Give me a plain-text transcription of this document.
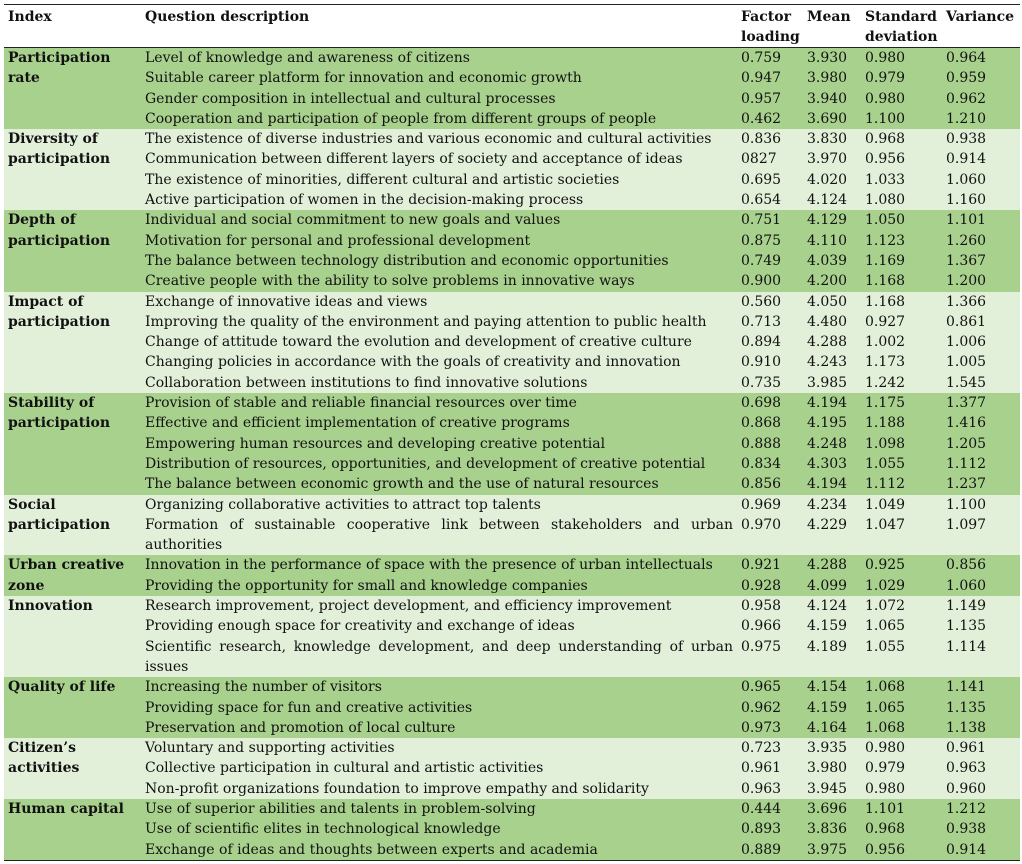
Index	Question description	Factor loading	Mean	Standard deviation	Variance
Participation rate	Level of knowledge and awareness of citizens	0.759	3.930	0.980	0.964
	Suitable career platform for innovation and economic growth	0.947	3.980	0.979	0.959
	Gender composition in intellectual and cultural processes	0.957	3.940	0.980	0.962
	Cooperation and participation of people from different groups of people	0.462	3.690	1.100	1.210
Diversity of participation	The existence of diverse industries and various economic and cultural activities	0.836	3.830	0.968	0.938
	Communication between different layers of society and acceptance of ideas	0827	3.970	0.956	0.914
	The existence of minorities, different cultural and artistic societies	0.695	4.020	1.033	1.060
	Active participation of women in the decision-making process	0.654	4.124	1.080	1.160
Depth of participation	Individual and social commitment to new goals and values	0.751	4.129	1.050	1.101
	Motivation for personal and professional development	0.875	4.110	1.123	1.260
	The balance between technology distribution and economic opportunities	0.749	4.039	1.169	1.367
	Creative people with the ability to solve problems in innovative ways	0.900	4.200	1.168	1.200
Impact of participation	Exchange of innovative ideas and views	0.560	4.050	1.168	1.366
	Improving the quality of the environment and paying attention to public health	0.713	4.480	0.927	0.861
	Change of attitude toward the evolution and development of creative culture	0.894	4.288	1.002	1.006
	Changing policies in accordance with the goals of creativity and innovation	0.910	4.243	1.173	1.005
	Collaboration between institutions to find innovative solutions	0.735	3.985	1.242	1.545
Stability of participation	Provision of stable and reliable financial resources over time	0.698	4.194	1.175	1.377
	Effective and efficient implementation of creative programs	0.868	4.195	1.188	1.416
	Empowering human resources and developing creative potential	0.888	4.248	1.098	1.205
	Distribution of resources, opportunities, and development of creative potential	0.834	4.303	1.055	1.112
	The balance between economic growth and the use of natural resources	0.856	4.194	1.112	1.237
Social participation	Organizing collaborative activities to attract top talents	0.969	4.234	1.049	1.100
	Formation of sustainable cooperative link between stakeholders and urban authorities	0.970	4.229	1.047	1.097
Urban creative zone	Innovation in the performance of space with the presence of urban intellectuals	0.921	4.288	0.925	0.856
	Providing the opportunity for small and knowledge companies	0.928	4.099	1.029	1.060
Innovation	Research improvement, project development, and efficiency improvement	0.958	4.124	1.072	1.149
	Providing enough space for creativity and exchange of ideas	0.966	4.159	1.065	1.135
	Scientific research, knowledge development, and deep understanding of urban issues	0.975	4.189	1.055	1.114
Quality of life	Increasing the number of visitors	0.965	4.154	1.068	1.141
	Providing space for fun and creative activities	0.962	4.159	1.065	1.135
	Preservation and promotion of local culture	0.973	4.164	1.068	1.138
Citizen’s activities	Voluntary and supporting activities	0.723	3.935	0.980	0.961
	Collective participation in cultural and artistic activities	0.961	3.980	0.979	0.963
	Non-profit organizations foundation to improve empathy and solidarity	0.963	3.945	0.980	0.960
Human capital	Use of superior abilities and talents in problem-solving	0.444	3.696	1.101	1.212
	Use of scientific elites in technological knowledge	0.893	3.836	0.968	0.938
	Exchange of ideas and thoughts between experts and academia	0.889	3.975	0.956	0.914
